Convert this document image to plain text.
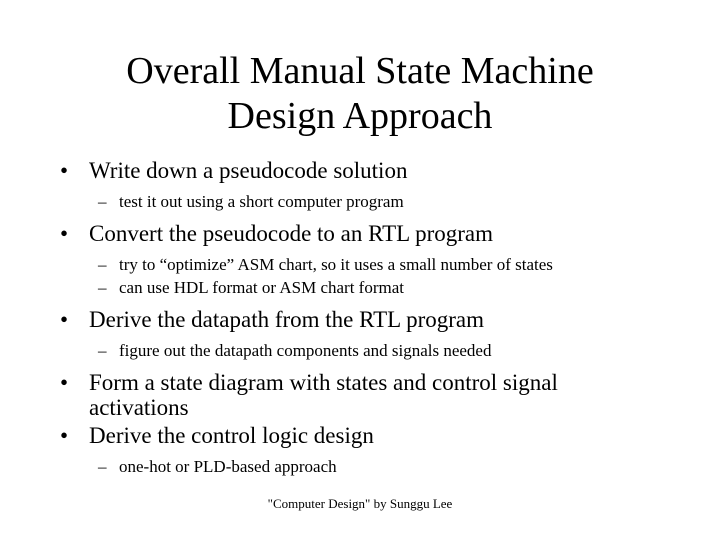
Overall Manual State Machine
Design Approach
• Write down a pseudocode solution
– test it out using a short computer program
• Convert the pseudocode to an RTL program
– try to “optimize” ASM chart, so it uses a small number of states
– can use HDL format or ASM chart format
• Derive the datapath from the RTL program
– figure out the datapath components and signals needed
• Form a state diagram with states and control signal
activations
• Derive the control logic design
– one-hot or PLD-based approach
"Computer Design" by Sunggu Lee
